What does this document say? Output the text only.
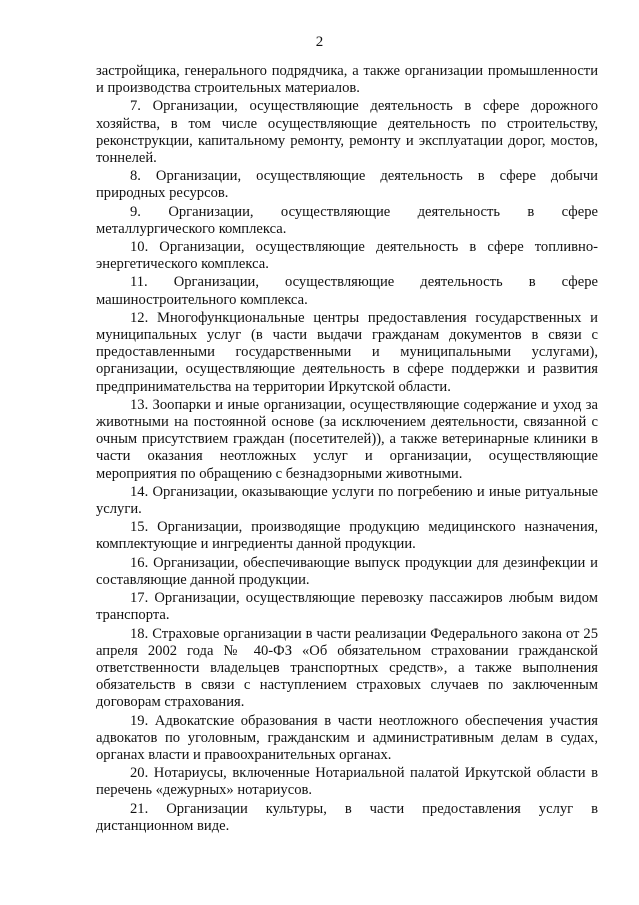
2

застройщика, генерального подрядчика, а также организации промышленности и производства строительных материалов.

7. Организации, осуществляющие деятельность в сфере дорожного хозяйства, в том числе осуществляющие деятельность по строительству, реконструкции, капитальному ремонту, ремонту и эксплуатации дорог, мостов, тоннелей.

8. Организации, осуществляющие деятельность в сфере добычи природных ресурсов.

9. Организации, осуществляющие деятельность в сфере металлургического комплекса.

10. Организации, осуществляющие деятельность в сфере топливно-энергетического комплекса.

11. Организации, осуществляющие деятельность в сфере машиностроительного комплекса.

12. Многофункциональные центры предоставления государственных и муниципальных услуг (в части выдачи гражданам документов в связи с предоставленными государственными и муниципальными услугами), организации, осуществляющие деятельность в сфере поддержки и развития предпринимательства на территории Иркутской области.

13. Зоопарки и иные организации, осуществляющие содержание и уход за животными на постоянной основе (за исключением деятельности, связанной с очным присутствием граждан (посетителей)), а также ветеринарные клиники в части оказания неотложных услуг и организации, осуществляющие мероприятия по обращению с безнадзорными животными.

14. Организации, оказывающие услуги по погребению и иные ритуальные услуги.

15. Организации, производящие продукцию медицинского назначения, комплектующие и ингредиенты данной продукции.

16. Организации, обеспечивающие выпуск продукции для дезинфекции и составляющие данной продукции.

17. Организации, осуществляющие перевозку пассажиров любым видом транспорта.

18. Страховые организации в части реализации Федерального закона от 25 апреля 2002 года № 40-ФЗ «Об обязательном страховании гражданской ответственности владельцев транспортных средств», а также выполнения обязательств в связи с наступлением страховых случаев по заключенным договорам страхования.

19. Адвокатские образования в части неотложного обеспечения участия адвокатов по уголовным, гражданским и административным делам в судах, органах власти и правоохранительных органах.

20. Нотариусы, включенные Нотариальной палатой Иркутской области в перечень «дежурных» нотариусов.

21. Организации культуры, в части предоставления услуг в дистанционном виде.
